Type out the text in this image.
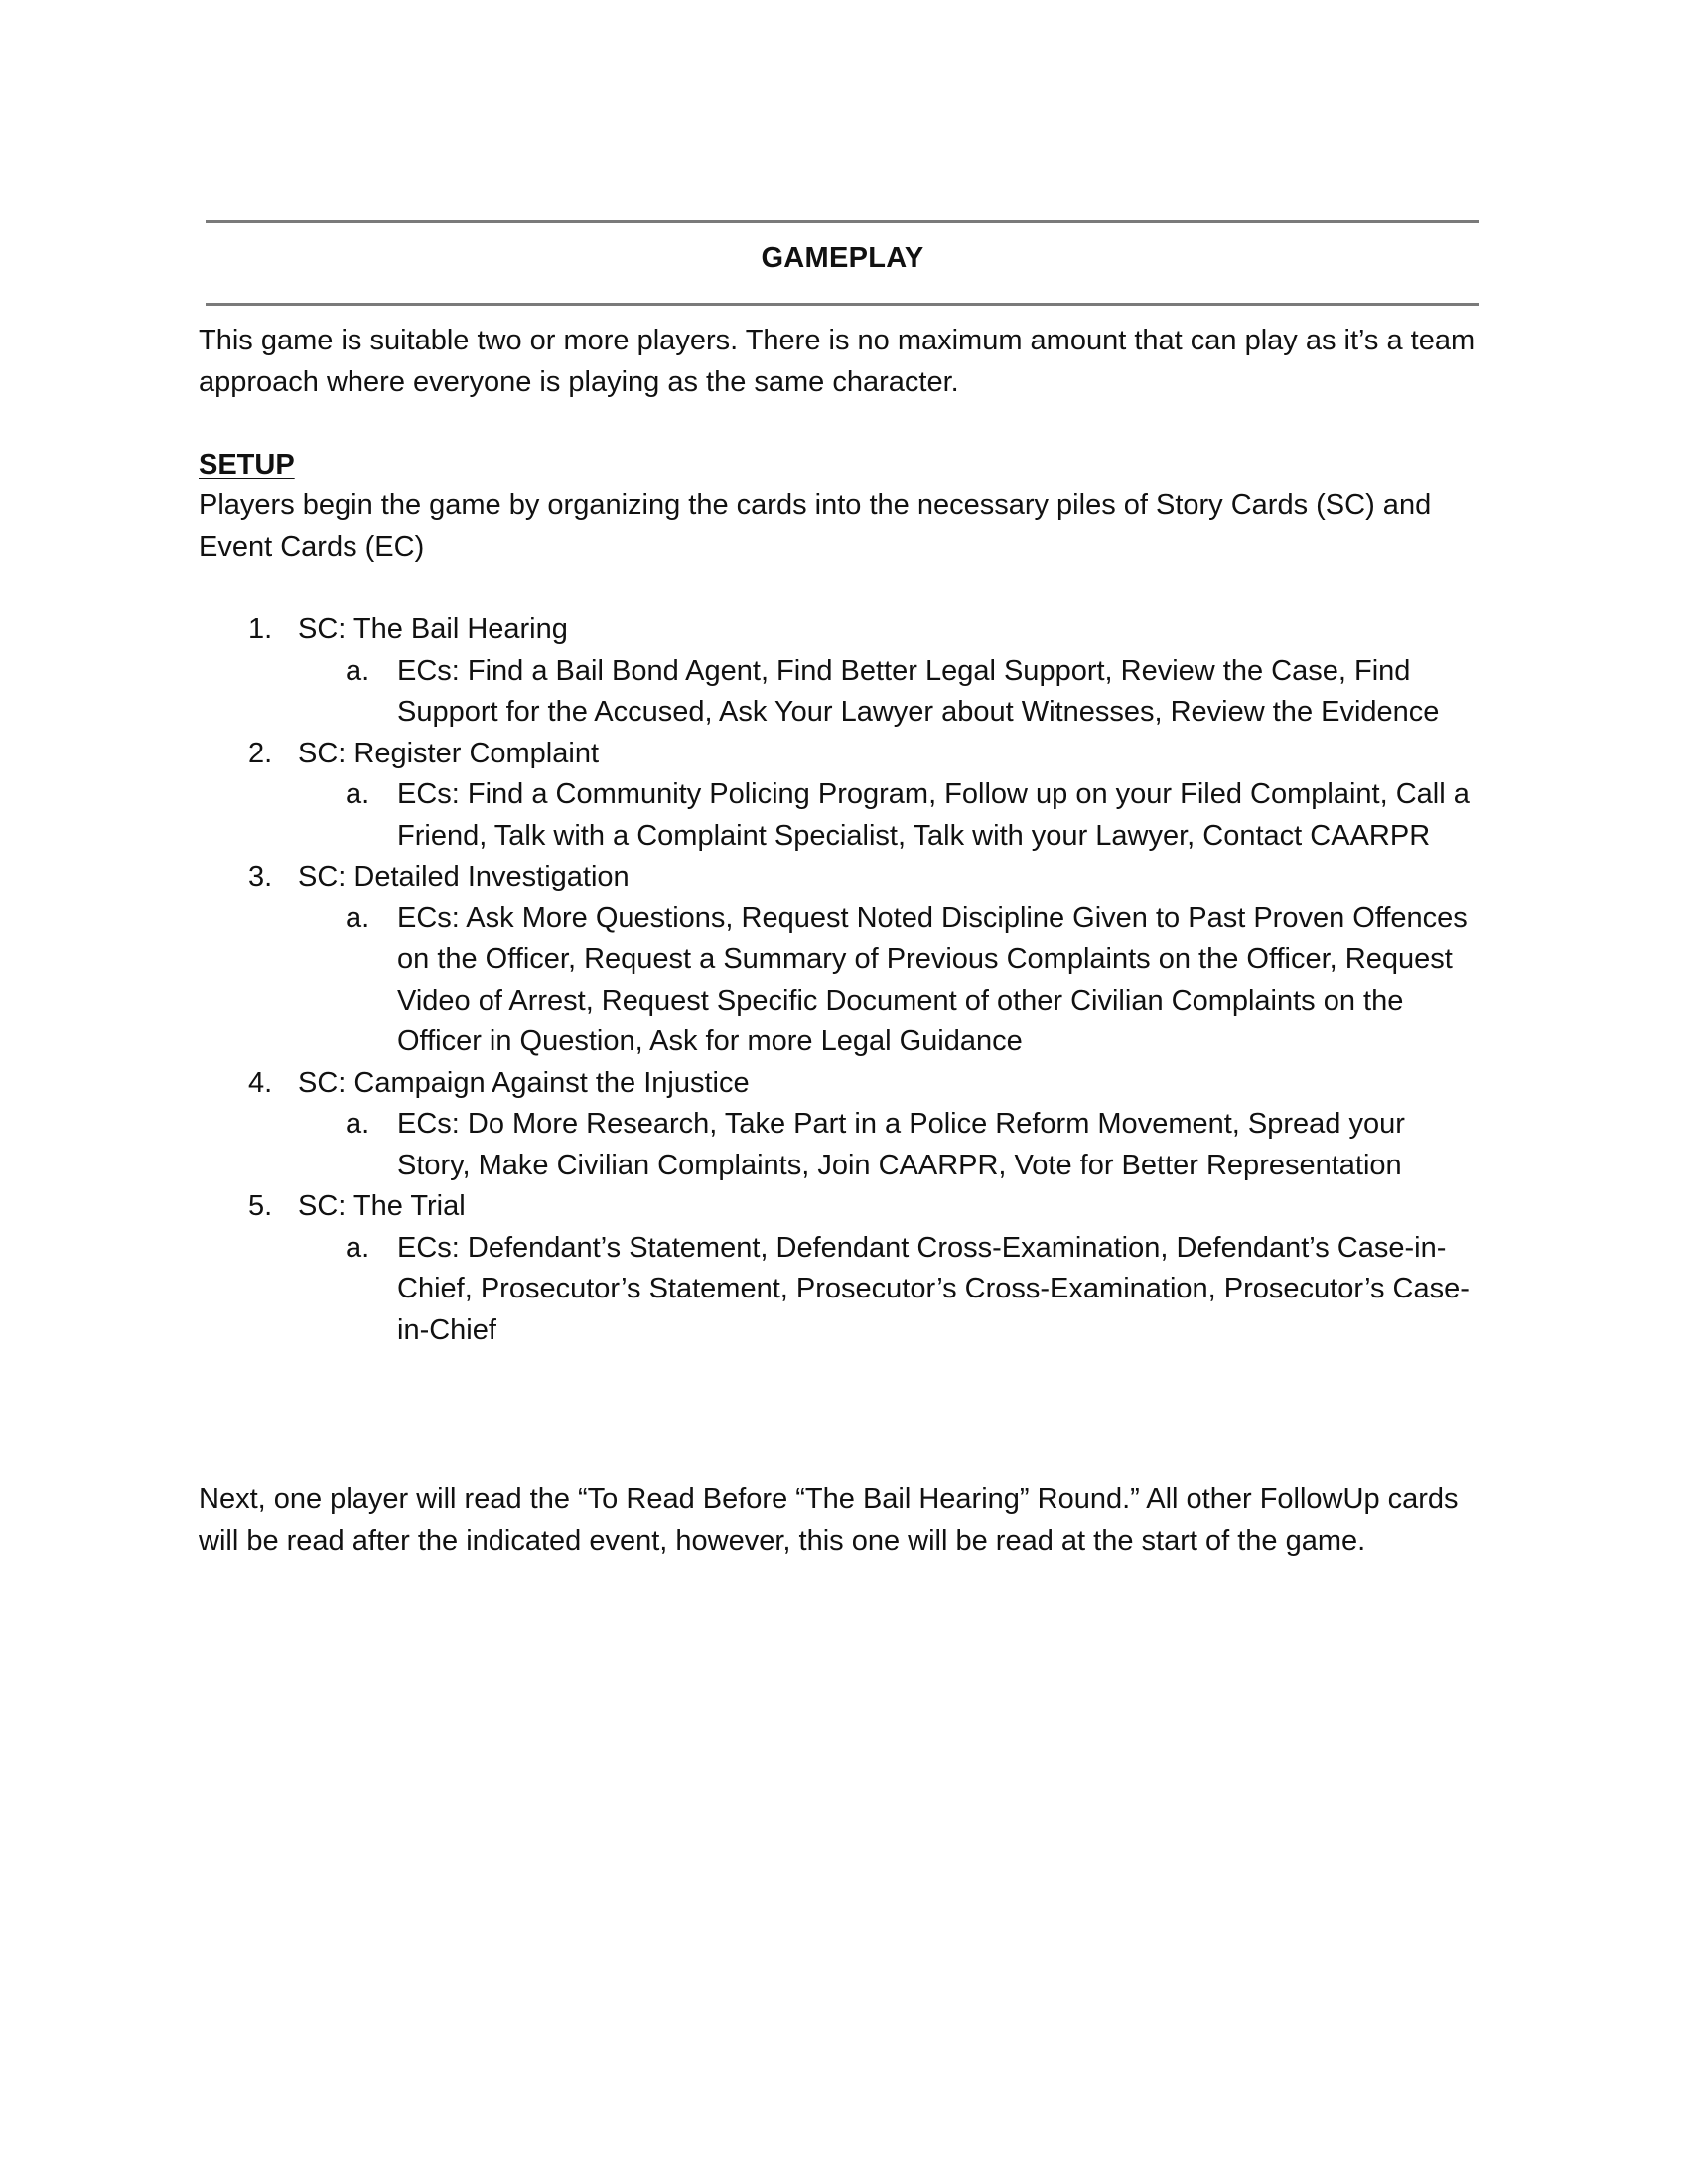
GAMEPLAY
This game is suitable two or more players. There is no maximum amount that can play as it’s a team approach where everyone is playing as the same character.
SETUP
Players begin the game by organizing the cards into the necessary piles of Story Cards (SC) and Event Cards (EC)
1. SC: The Bail Hearing
a. ECs: Find a Bail Bond Agent, Find Better Legal Support, Review the Case, Find Support for the Accused, Ask Your Lawyer about Witnesses, Review the Evidence
2. SC: Register Complaint
a. ECs: Find a Community Policing Program, Follow up on your Filed Complaint, Call a Friend, Talk with a Complaint Specialist, Talk with your Lawyer, Contact CAARPR
3. SC: Detailed Investigation
a. ECs: Ask More Questions, Request Noted Discipline Given to Past Proven Offences on the Officer, Request a Summary of Previous Complaints on the Officer, Request Video of Arrest, Request Specific Document of other Civilian Complaints on the Officer in Question, Ask for more Legal Guidance
4. SC: Campaign Against the Injustice
a. ECs: Do More Research, Take Part in a Police Reform Movement, Spread your Story, Make Civilian Complaints, Join CAARPR, Vote for Better Representation
5. SC: The Trial
a. ECs: Defendant’s Statement, Defendant Cross-Examination, Defendant’s Case-in-Chief, Prosecutor’s Statement, Prosecutor’s Cross-Examination, Prosecutor’s Case-in-Chief
Next, one player will read the “To Read Before “The Bail Hearing” Round.” All other FollowUp cards will be read after the indicated event, however, this one will be read at the start of the game.
